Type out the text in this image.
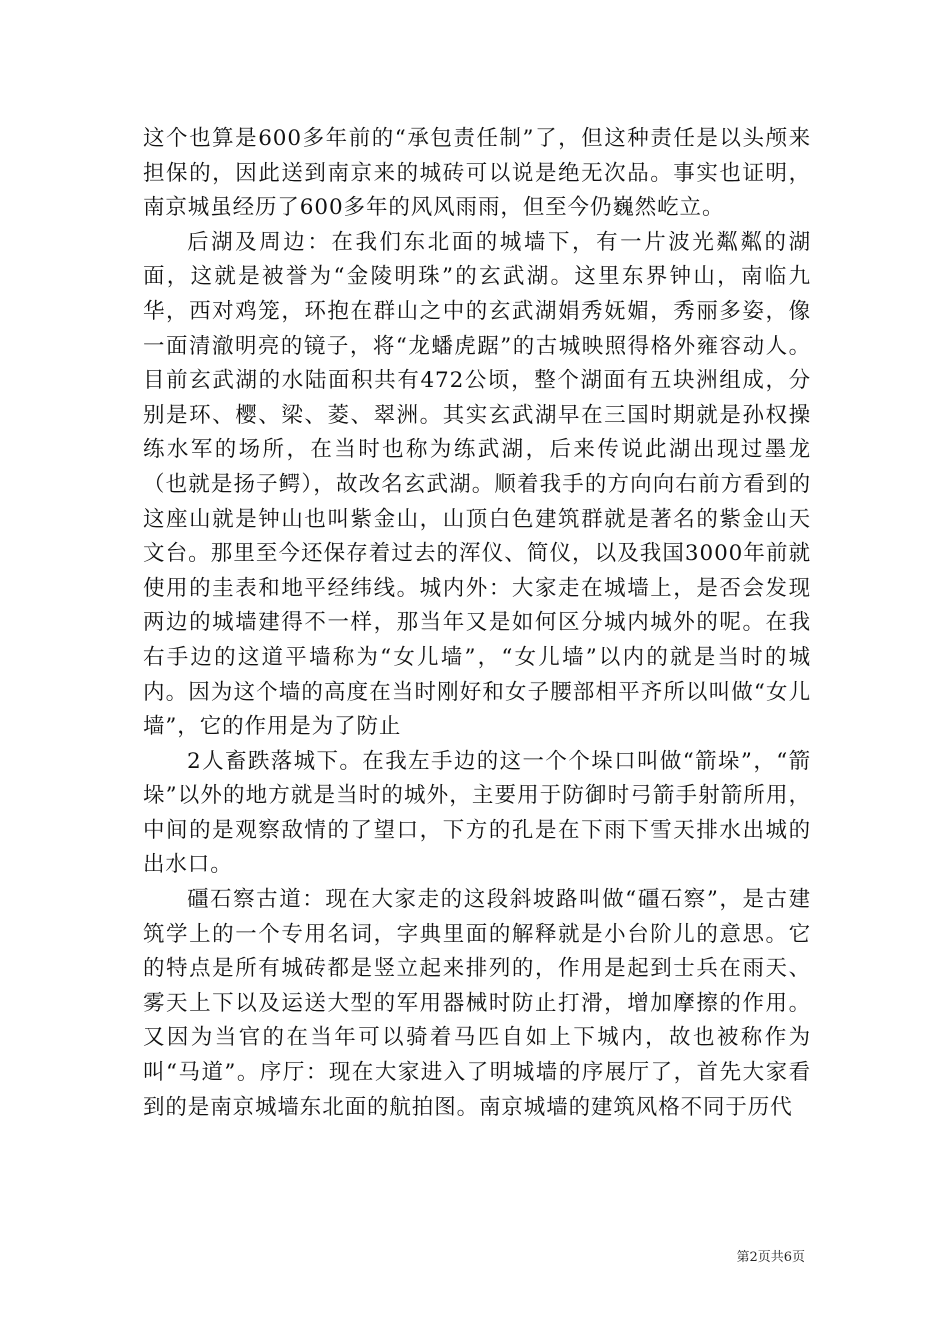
这个也算是600多年前的“承包责任制”了，但这种责任是以头颅来担保的，因此送到南京来的城砖可以说是绝无次品。事实也证明，南京城虽经历了600多年的风风雨雨，但至今仍巍然屹立。

后湖及周边：在我们东北面的城墙下，有一片波光粼粼的湖面，这就是被誉为“金陵明珠”的玄武湖。这里东界钟山，南临九华，西对鸡笼，环抱在群山之中的玄武湖娟秀妩媚，秀丽多姿，像一面清澈明亮的镜子，将“龙蟠虎踞”的古城映照得格外雍容动人。目前玄武湖的水陆面积共有472公顷，整个湖面有五块洲组成，分别是环、樱、梁、菱、翠洲。其实玄武湖早在三国时期就是孙权操练水军的场所，在当时也称为练武湖，后来传说此湖出现过墨龙（也就是扬子鳄），故改名玄武湖。顺着我手的方向向右前方看到的这座山就是钟山也叫紫金山，山顶白色建筑群就是著名的紫金山天文台。那里至今还保存着过去的浑仪、简仪，以及我国3000年前就使用的圭表和地平经纬线。城内外：大家走在城墙上，是否会发现两边的城墙建得不一样，那当年又是如何区分城内城外的呢。在我右手边的这道平墙称为“女儿墙”，“女儿墙”以内的就是当时的城内。因为这个墙的高度在当时刚好和女子腰部相平齐所以叫做“女儿墙”，它的作用是为了防止

2人畜跌落城下。在我左手边的这一个个垛口叫做“箭垛”，“箭垛”以外的地方就是当时的城外，主要用于防御时弓箭手射箭所用，中间的是观察敌情的了望口，下方的孔是在下雨下雪天排水出城的出水口。

礓石察古道：现在大家走的这段斜坡路叫做“礓石察”，是古建筑学上的一个专用名词，字典里面的解释就是小台阶儿的意思。它的特点是所有城砖都是竖立起来排列的，作用是起到士兵在雨天、雾天上下以及运送大型的军用器械时防止打滑，增加摩擦的作用。又因为当官的在当年可以骑着马匹自如上下城内，故也被称作为叫“马道”。序厅：现在大家进入了明城墙的序展厅了，首先大家看到的是南京城墙东北面的航拍图。南京城墙的建筑风格不同于历代

第2页共6页
